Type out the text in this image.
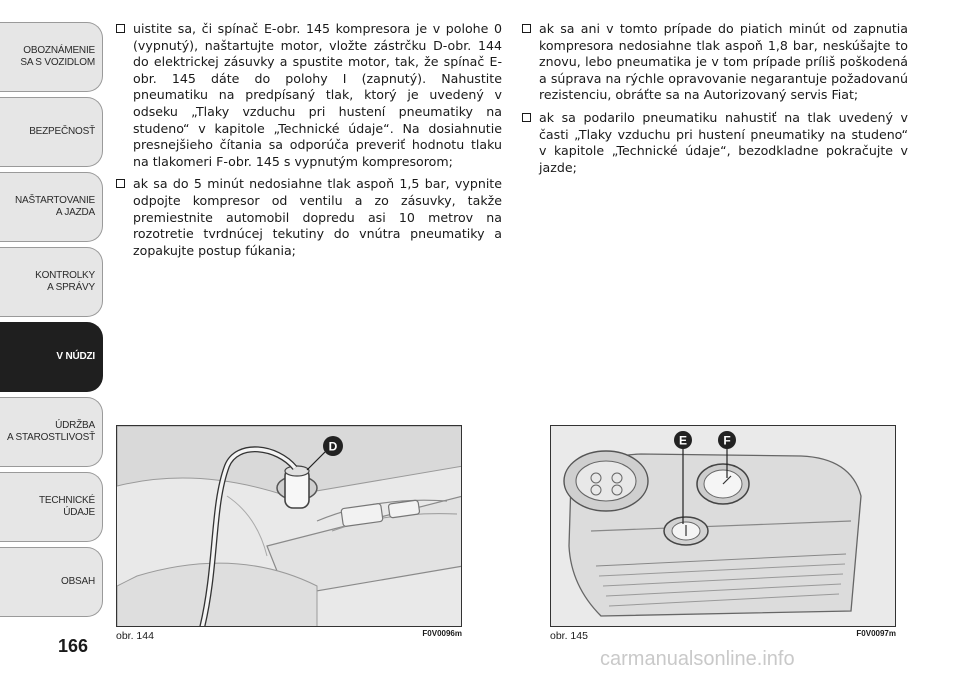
OBOZNÁMENIE
SA S VOZIDLOM
BEZPEČNOSŤ
NAŠTARTOVANIE
A JAZDA
KONTROLKY
A SPRÁVY
V NÚDZI
ÚDRŽBA
A STAROSTLIVOSŤ
TECHNICKÉ
ÚDAJE
OBSAH
166
uistite sa, či spínač E-obr. 145 kompresora je v polohe 0 (vypnutý), naštartujte motor, vložte zástrčku D-obr. 144 do elektrickej zásuvky a spustite motor, tak, že spínač E-obr. 145 dáte do polohy I (zapnutý). Nahustite pneumatiku na predpísaný tlak, ktorý je uvedený v odseku „Tlaky vzduchu pri hustení pneumatiky na studeno“ v kapitole „Technické údaje“. Na dosiahnutie presnejšieho čítania sa odporúča preveriť hodnotu tlaku na tlakomeri F-obr. 145 s vypnutým kompresorom;
ak sa do 5 minút nedosiahne tlak aspoň 1,5 bar, vypnite odpojte kompresor od ventilu a zo zásuvky, takže premiestnite automobil dopredu asi 10 metrov na rozotretie tvrdnúcej tekutiny do vnútra pneumatiky a zopakujte postup fúkania;
ak sa ani v tomto prípade do piatich minút od zapnutia kompresora nedosiahne tlak aspoň 1,8 bar, neskúšajte to znovu, lebo pneumatika je v tom prípade príliš poškodená a súprava na rýchle opravovanie negarantuje požadovanú rezistenciu, obráťte sa na Autorizovaný servis Fiat;
ak sa podarilo pneumatiku nahustiť na tlak uvedený v časti „Tlaky vzduchu pri hustení pneumatiky na studeno“ v kapitole „Technické údaje“, bezodkladne pokračujte v jazde;
D
obr. 144	F0V0096m
E	F
obr. 145	F0V0097m
carmanualsonline.info
